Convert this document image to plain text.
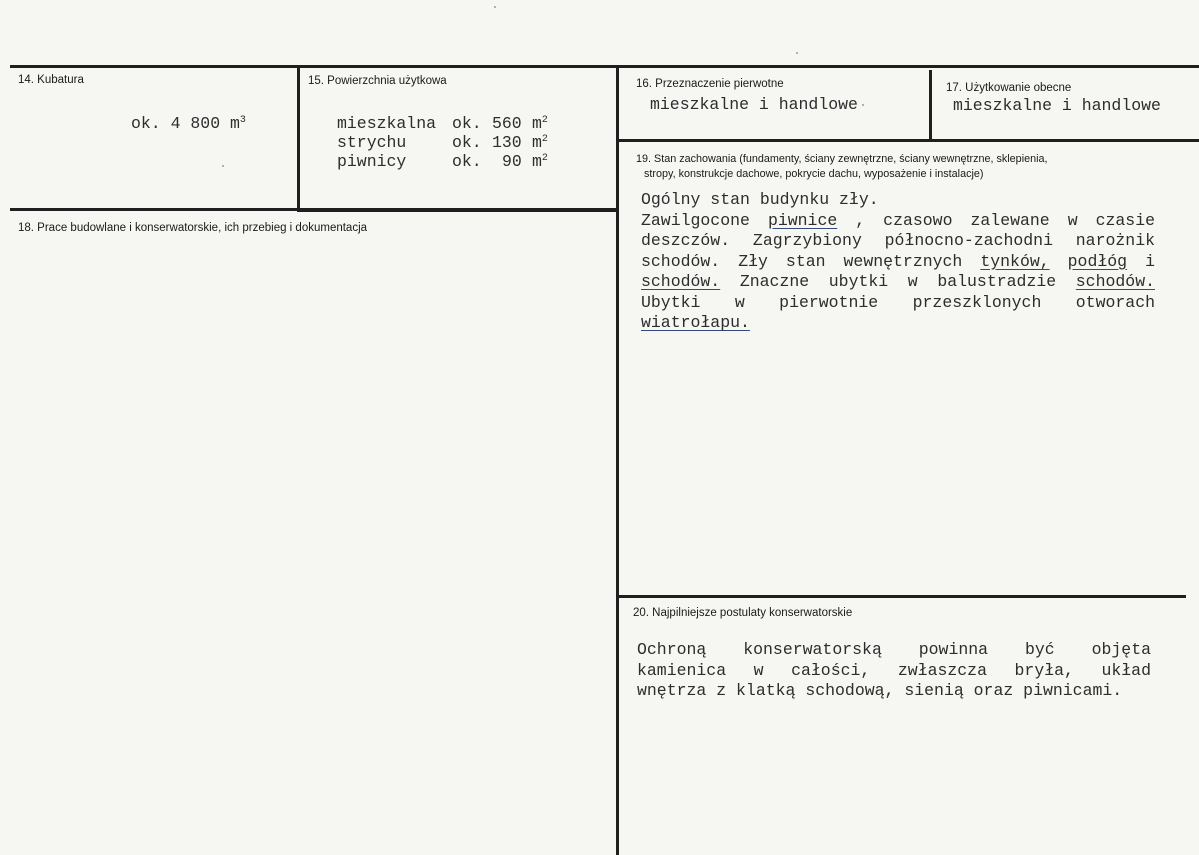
14. Kubatura
ok. 4 800 $m^3$
15. Powierzchnia użytkowa
mieszkalna ok. 560 $m^2$
strychu	ok. 130 $m^2$
piwnicy	ok. 90 $m^2$
16. Przeznaczenie pierwotne
mieszkalne i handlowe
17. Użytkowanie obecne
mieszkalne i handlowe
18. Prace budowlane i konserwatorskie, ich przebieg i dokumentacja
19. Stan zachowania (fundamenty, ściany zewnętrzne, ściany wewnętrzne, sklepienia,
stropy, konstrukcje dachowe, pokrycie dachu, wyposażenie i instalacje)
Ogólny stan budynku zły.
Zawilgocone piwnice , czasowo zalewane w czasie
deszczów. Zagrzybiony północno-zachodni narożnik
schodów. Zły stan wewnętrznych tynków, podłóg i
schodów. Znaczne ubytki w balustradzie schodów.
Ubytki w pierwotnie przeszklonych otworach
wiatrołapu.
20. Najpilniejsze postulaty konserwatorskie
Ochroną konserwatorską powinna być objęta
kamienica w całości, zwłaszcza bryła, układ
wnętrza z klatką schodową, sienią oraz piwnicami.
